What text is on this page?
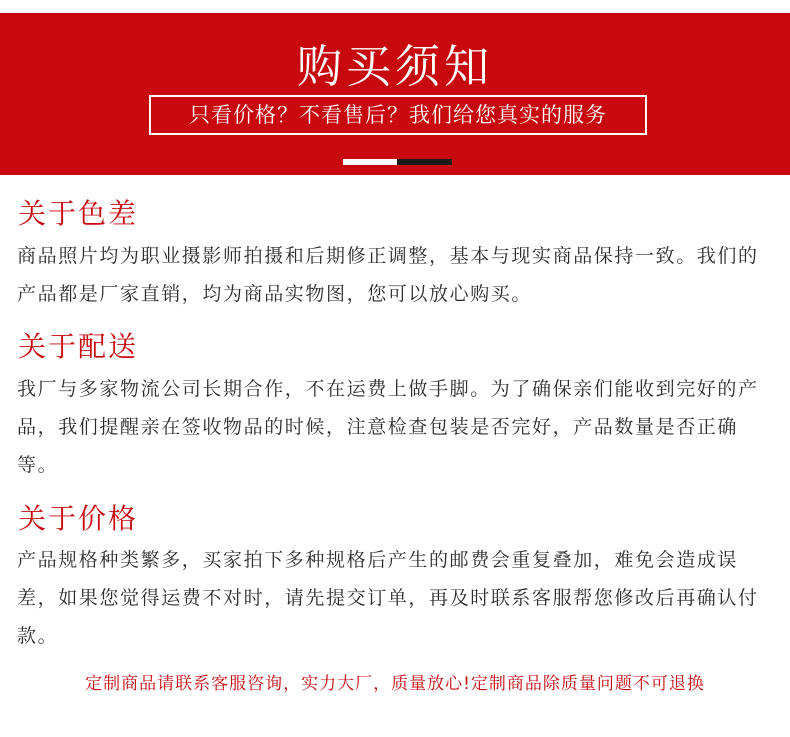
购买须知
只看价格？不看售后？我们给您真实的服务
关于色差
商品照片均为职业摄影师拍摄和后期修正调整，基本与现实商品保持一致。我们的产品都是厂家直销，均为商品实物图，您可以放心购买。
关于配送
我厂与多家物流公司长期合作，不在运费上做手脚。为了确保亲们能收到完好的产品，我们提醒亲在签收物品的时候，注意检查包装是否完好，产品数量是否正确等。
关于价格
产品规格种类繁多，买家拍下多种规格后产生的邮费会重复叠加，难免会造成误差，如果您觉得运费不对时，请先提交订单，再及时联系客服帮您修改后再确认付款。
定制商品请联系客服咨询，实力大厂，质量放心!定制商品除质量问题不可退换
